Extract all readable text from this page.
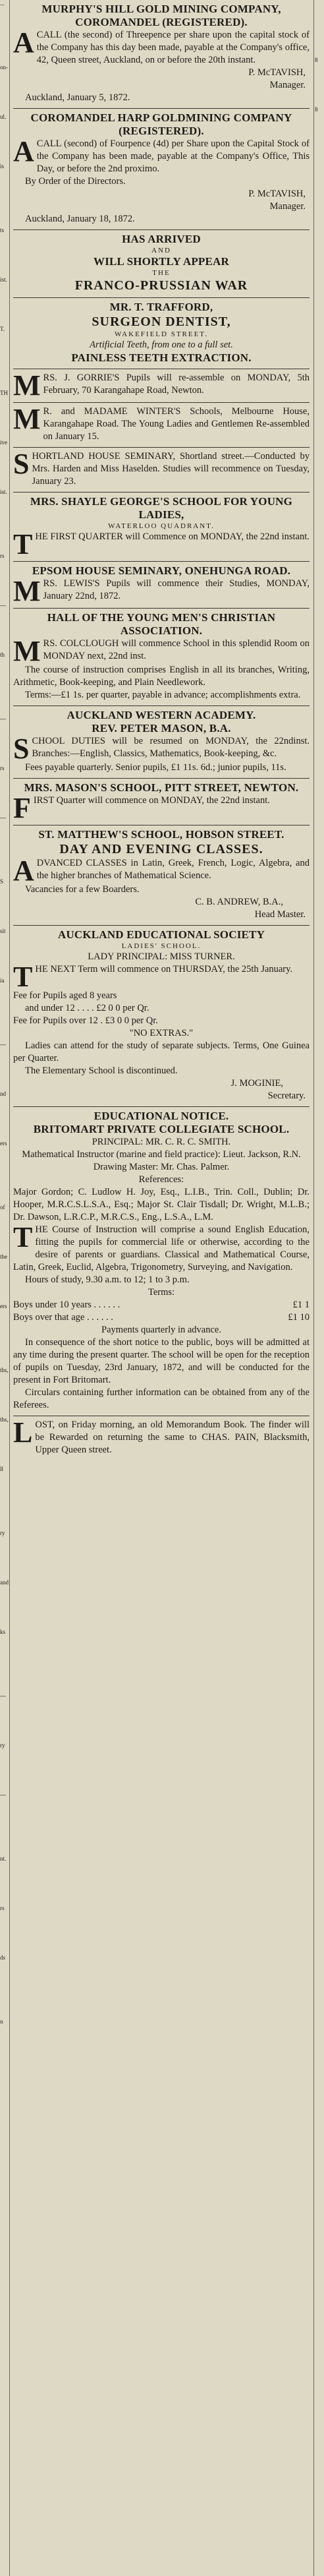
...
on-
ul.
is
ts
ist.
T.
TH
ive
ist.
rs
---
th
---
rs
---
S
sit
ia
---
nd
ers
of
the
ers
ths,
ths,
ll
ry
and
ks
---
ry
---
nt.
rs
ds
n
8
8
MURPHY'S HILL GOLD MINING COMPANY, COROMANDEL (REGISTERED).

A CALL (the second) of Threepence per share upon the capital stock of the Company has this day been made, payable at the Company's office, 42, Queen street, Auckland, on or before the 20th instant.

P. McTAVISH,

Manager.

Auckland, January 5, 1872.

COROMANDEL HARP GOLDMINING COMPANY (REGISTERED).

A CALL (second) of Fourpence (4d) per Share upon the Capital Stock of the Company has been made, payable at the Company's Office, This Day, or before the 2nd proximo.

By Order of the Directors.

P. McTAVISH,

Manager.

Auckland, January 18, 1872.

HAS ARRIVED
AND
WILL SHORTLY APPEAR
THE
FRANCO-PRUSSIAN WAR
MR. T. TRAFFORD,
SURGEON DENTIST,
WAKEFIELD STREET.

Artificial Teeth, from one to a full set.

PAINLESS TEETH EXTRACTION.

MRS. J. GORRIE'S Pupils will re-assemble on MONDAY, 5th February, 70 Karangahape Road, Newton.

M R. and MADAME WINTER'S Schools, Melbourne House, Karangahape Road. The Young Ladies and Gentlemen Re-assembled on January 15.

SHORTLAND HOUSE SEMINARY, Shortland street.—Conducted by Mrs. Harden and Miss Haselden. Studies will recommence on Tuesday, January 23.

MRS. SHAYLE GEORGE'S SCHOOL FOR YOUNG LADIES,
WATERLOO QUADRANT.

THE FIRST QUARTER will Commence on MONDAY, the 22nd instant.

EPSOM HOUSE SEMINARY, ONEHUNGA ROAD.

MRS. LEWIS'S Pupils will commence their Studies, MONDAY, January 22nd, 1872.

HALL OF THE YOUNG MEN'S CHRISTIAN ASSOCIATION.

MRS. COLCLOUGH will commence School in this splendid Room on MONDAY next, 22nd inst.

The course of instruction comprises English in all its branches, Writing, Arithmetic, Book-keeping, and Plain Needlework.

Terms:—£1 1s. per quarter, payable in advance; accomplishments extra.

AUCKLAND WESTERN ACADEMY.
REV. PETER MASON, B.A.

SCHOOL DUTIES will be resumed on MONDAY, the 22ndinst. Branches:—English, Classics, Mathematics, Book-keeping, &c.

Fees payable quarterly. Senior pupils, £1 11s. 6d.; junior pupils, 11s.

MRS. MASON'S SCHOOL, PITT STREET, NEWTON.

FIRST Quarter will commence on MONDAY, the 22nd instant.

ST. MATTHEW'S SCHOOL, HOBSON STREET.
DAY AND EVENING CLASSES.

ADVANCED CLASSES in Latin, Greek, French, Logic, Algebra, and the higher branches of Mathematical Science.

Vacancies for a few Boarders.

C. B. ANDREW, B.A.,

Head Master.

AUCKLAND EDUCATIONAL SOCIETY
LADIES' SCHOOL.

LADY PRINCIPAL: MISS TURNER.

THE NEXT Term will commence on THURSDAY, the 25th January.

Fee for Pupils aged 8 years

and under 12 . . . . £2 0 0 per Qr.

Fee for Pupils over 12 . £3 0 0 per Qr.

"NO EXTRAS."

Ladies can attend for the study of separate subjects. Terms, One Guinea per Quarter.

The Elementary School is discontinued.

J. MOGINIE,

Secretary.

EDUCATIONAL NOTICE.
BRITOMART PRIVATE COLLEGIATE SCHOOL.

PRINCIPAL: MR. C. R. C. SMITH.

Mathematical Instructor (marine and field practice): Lieut. Jackson, R.N.

Drawing Master: Mr. Chas. Palmer.

References:

Major Gordon; C. Ludlow H. Joy, Esq., L.I.B., Trin. Coll., Dublin; Dr. Hooper, M.R.C.S.L.S.A., Esq.; Major St. Clair Tisdall; Dr. Wright, M.L.B.; Dr. Dawson, L.R.C.P., M.R.C.S., Eng., L.S.A., L.M.

THE Course of Instruction will comprise a sound English Education, fitting the pupils for commercial life or otherwise, according to the desire of parents or guardians. Classical and Mathematical Course, Latin, Greek, Euclid, Algebra, Trigonometry, Surveying, and Navigation.

Hours of study, 9.30 a.m. to 12; 1 to 3 p.m.

Terms:

Boys under 10 years . . . . . .	£1 1
Boys over that age . . . . . .	£1 10

Payments quarterly in advance.

In consequence of the short notice to the public, boys will be admitted at any time during the present quarter. The school will be open for the reception of pupils on Tuesday, 23rd January, 1872, and will be conducted for the present in Fort Britomart.

Circulars containing further information can be obtained from any of the Referees.

LOST, on Friday morning, an old Memorandum Book. The finder will be Rewarded on returning the same to CHAS. PAIN, Blacksmith, Upper Queen street.
